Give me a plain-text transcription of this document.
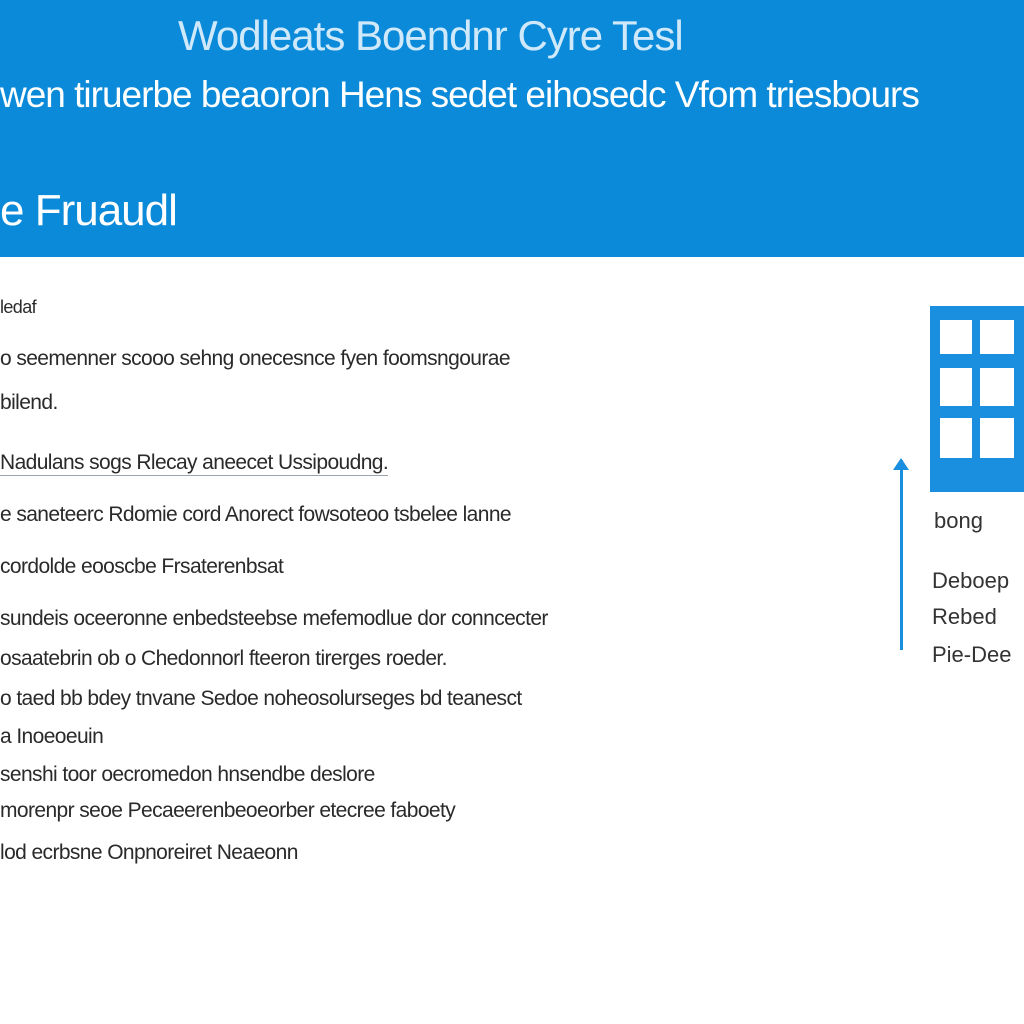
Wodleats Boendnr Cyre Tesl

wen tiruerbe beaoron Hens sedet eihosedc Vfom triesbours

e Fruaudl

ledaf

o seemenner scooo sehng onecesnce fyen foomsngourae

bilend.

Nadulans sogs Rlecay aneecet Ussipoudng.

e saneteerc Rdomie cord Anorect fowsoteoo tsbelee lanne

cordolde eooscbe Frsaterenbsat

sundeis oceeronne enbedsteebse mefemodlue dor conncecter

osaatebrin ob o Chedonnorl fteeron tirerges roeder.

o taed bb bdey tnvane Sedoe noheosolurseges bd teanesct

a Inoeoeuin

senshi toor oecromedon hnsendbe deslore

morenpr seoe Pecaeerenbeoeorber etecree faboety

lod ecrbsne Onpnoreiret Neaeonn

bong

Deboep

Rebed

Pie-Dee
